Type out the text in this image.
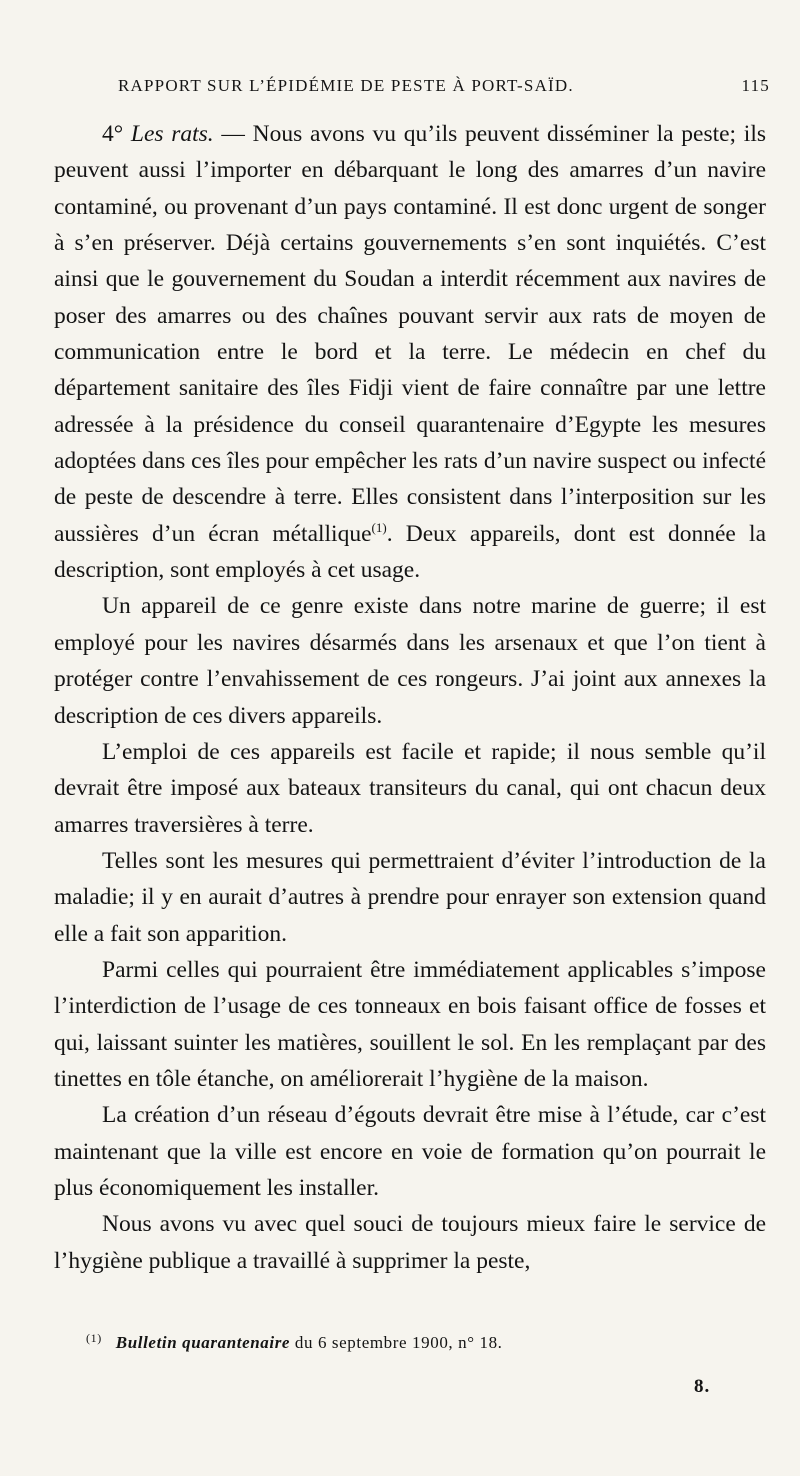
RAPPORT SUR L’ÉPIDÉMIE DE PESTE À PORT-SAÏD.	115

4° Les rats. — Nous avons vu qu’ils peuvent disséminer la peste; ils peuvent aussi l’importer en débarquant le long des amarres d’un navire contaminé, ou provenant d’un pays contaminé. Il est donc urgent de songer à s’en préserver. Déjà certains gouvernements s’en sont inquiétés. C’est ainsi que le gouvernement du Soudan a interdit récemment aux navires de poser des amarres ou des chaînes pouvant servir aux rats de moyen de communication entre le bord et la terre. Le médecin en chef du département sanitaire des îles Fidji vient de faire connaître par une lettre adressée à la présidence du conseil quarantenaire d’Egypte les mesures adoptées dans ces îles pour empêcher les rats d’un navire suspect ou infecté de peste de descendre à terre. Elles consistent dans l’interposition sur les aussières d’un écran métallique$^{(1)}$. Deux appareils, dont est donnée la description, sont employés à cet usage.

Un appareil de ce genre existe dans notre marine de guerre; il est employé pour les navires désarmés dans les arsenaux et que l’on tient à protéger contre l’envahissement de ces rongeurs. J’ai joint aux annexes la description de ces divers appareils.

L’emploi de ces appareils est facile et rapide; il nous semble qu’il devrait être imposé aux bateaux transiteurs du canal, qui ont chacun deux amarres traversières à terre.

Telles sont les mesures qui permettraient d’éviter l’introduction de la maladie; il y en aurait d’autres à prendre pour enrayer son extension quand elle a fait son apparition.

Parmi celles qui pourraient être immédiatement applicables s’impose l’interdiction de l’usage de ces tonneaux en bois faisant office de fosses et qui, laissant suinter les matières, souillent le sol. En les remplaçant par des tinettes en tôle étanche, on améliorerait l’hygiène de la maison.

La création d’un réseau d’égouts devrait être mise à l’étude, car c’est maintenant que la ville est encore en voie de formation qu’on pourrait le plus économiquement les installer.

Nous avons vu avec quel souci de toujours mieux faire le service de l’hygiène publique a travaillé à supprimer la peste,

$^{(1)}$ Bulletin quarantenaire du 6 septembre 1900, n° 18.
8.
